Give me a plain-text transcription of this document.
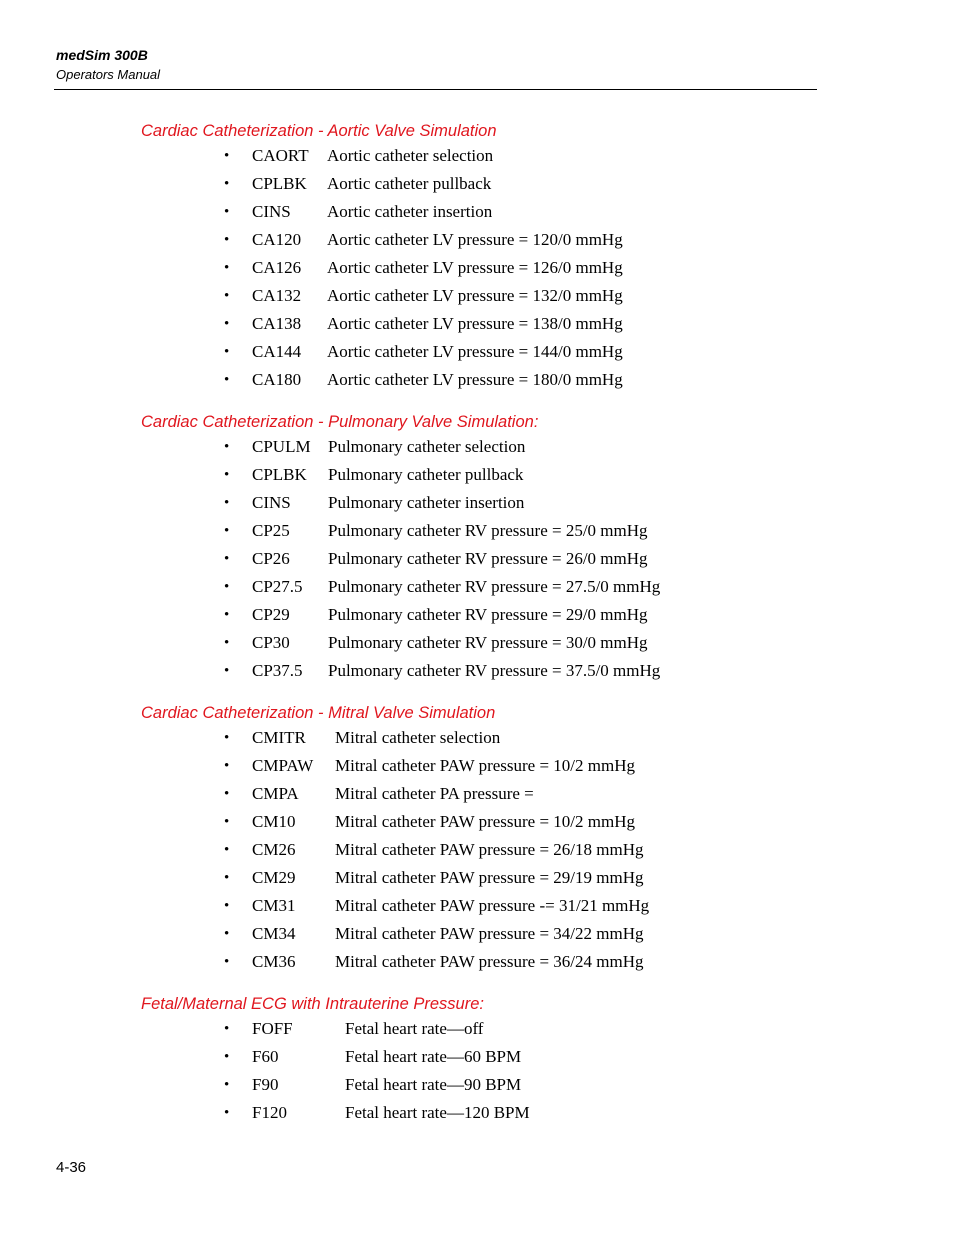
medSim 300B
Operators Manual
Cardiac Catheterization - Aortic Valve Simulation
• CAORT Aortic catheter selection
• CPLBK Aortic catheter pullback
• CINS Aortic catheter insertion
• CA120 Aortic catheter LV pressure = 120/0 mmHg
• CA126 Aortic catheter LV pressure = 126/0 mmHg
• CA132 Aortic catheter LV pressure = 132/0 mmHg
• CA138 Aortic catheter LV pressure = 138/0 mmHg
• CA144 Aortic catheter LV pressure = 144/0 mmHg
• CA180 Aortic catheter LV pressure = 180/0 mmHg
Cardiac Catheterization - Pulmonary Valve Simulation:
• CPULM Pulmonary catheter selection
• CPLBK Pulmonary catheter pullback
• CINS Pulmonary catheter insertion
• CP25 Pulmonary catheter RV pressure = 25/0 mmHg
• CP26 Pulmonary catheter RV pressure = 26/0 mmHg
• CP27.5 Pulmonary catheter RV pressure = 27.5/0 mmHg
• CP29 Pulmonary catheter RV pressure = 29/0 mmHg
• CP30 Pulmonary catheter RV pressure = 30/0 mmHg
• CP37.5 Pulmonary catheter RV pressure = 37.5/0 mmHg
Cardiac Catheterization - Mitral Valve Simulation
• CMITR Mitral catheter selection
• CMPAW Mitral catheter PAW pressure = 10/2 mmHg
• CMPA Mitral catheter PA pressure =
• CM10 Mitral catheter PAW pressure = 10/2 mmHg
• CM26 Mitral catheter PAW pressure = 26/18 mmHg
• CM29 Mitral catheter PAW pressure = 29/19 mmHg
• CM31 Mitral catheter PAW pressure -= 31/21 mmHg
• CM34 Mitral catheter PAW pressure = 34/22 mmHg
• CM36 Mitral catheter PAW pressure = 36/24 mmHg
Fetal/Maternal ECG with Intrauterine Pressure:
• FOFF	Fetal heart rate—off
• F60	Fetal heart rate—60 BPM
• F90	Fetal heart rate—90 BPM
• F120	Fetal heart rate—120 BPM
4-36
